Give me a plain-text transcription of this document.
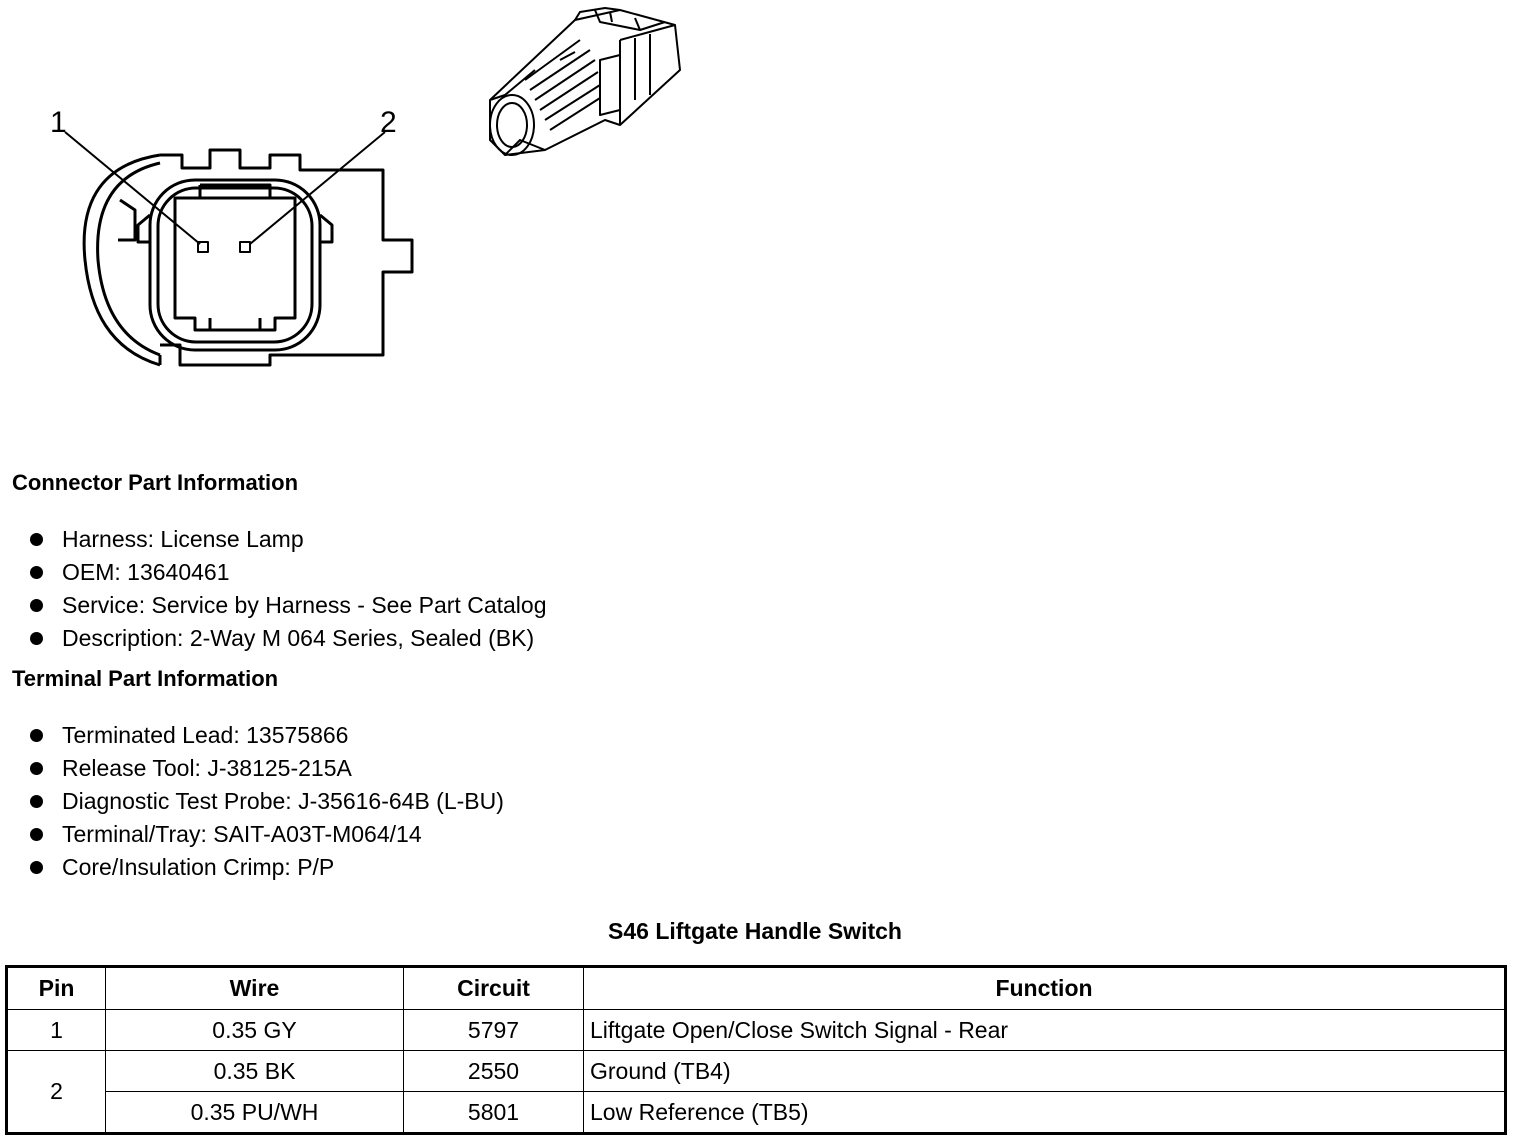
1	2
Connector Part Information
Harness: License Lamp
OEM: 13640461
Service: Service by Harness - See Part Catalog
Description: 2-Way M 064 Series, Sealed (BK)
Terminal Part Information
Terminated Lead: 13575866
Release Tool: J-38125-215A
Diagnostic Test Probe: J-35616-64B (L-BU)
Terminal/Tray: SAIT-A03T-M064/14
Core/Insulation Crimp: P/P
S46 Liftgate Handle Switch
Pin	Wire	Circuit	Function
1	0.35 GY	5797	Liftgate Open/Close Switch Signal - Rear
2	0.35 BK	2550	Ground (TB4)
	0.35 PU/WH	5801	Low Reference (TB5)
